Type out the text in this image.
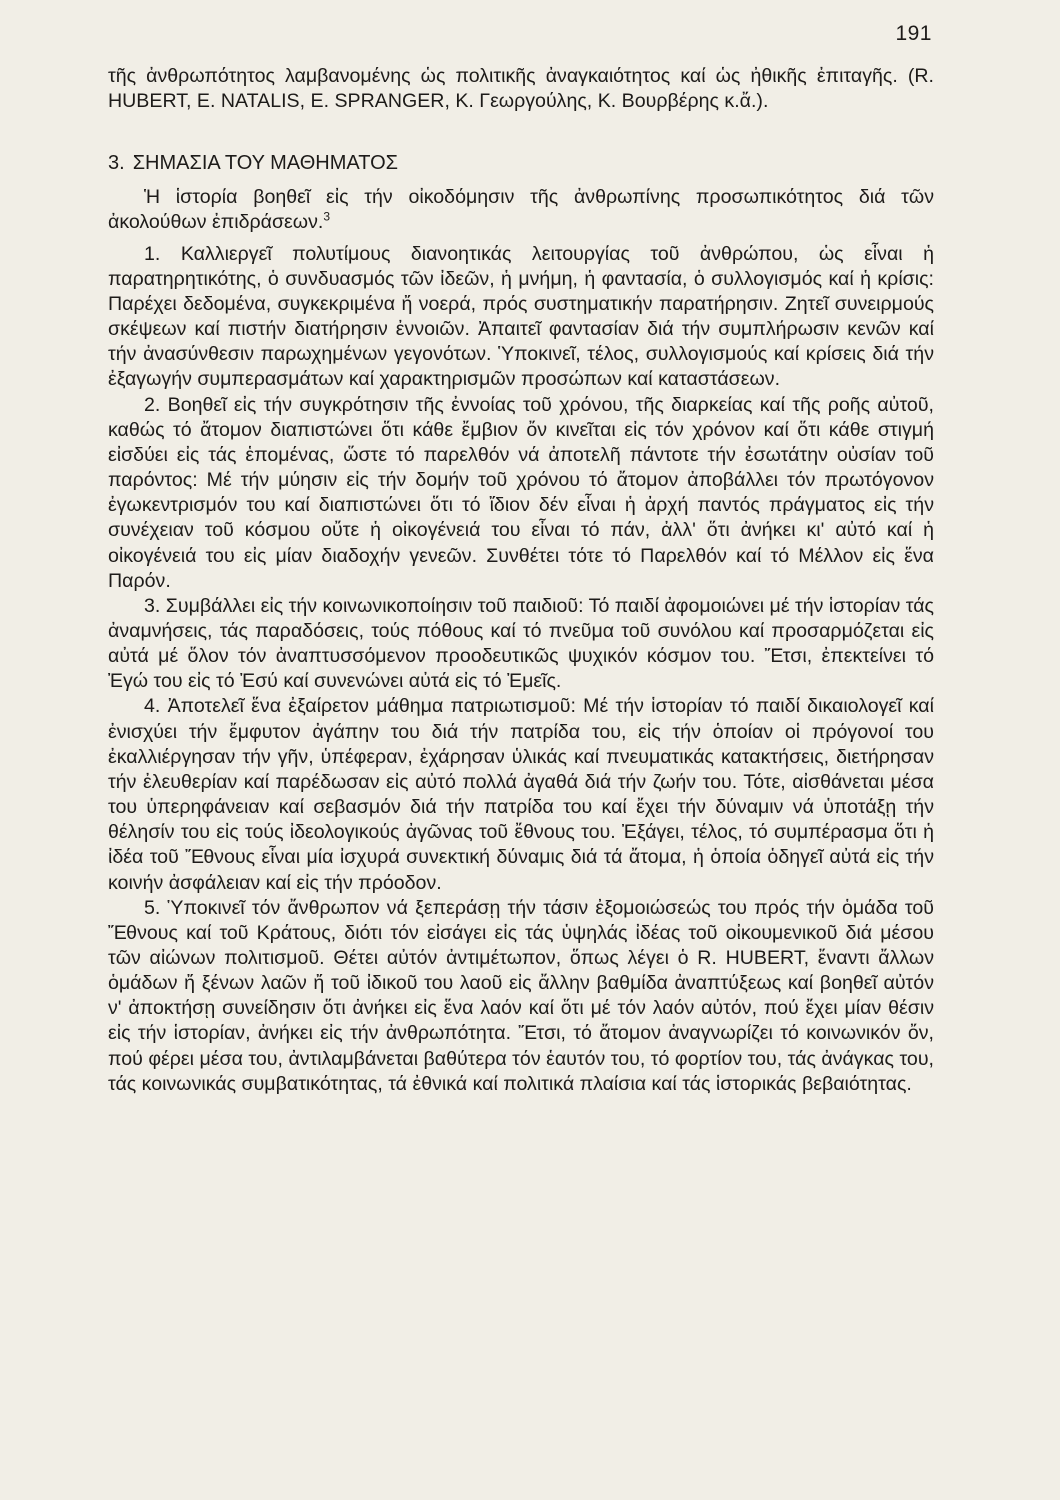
191

τῆς ἀνθρωπότητος λαμβανομένης ὡς πολιτικῆς ἀναγκαιότητος καί ὡς ἠθικῆς ἐπιταγῆς. (R. HUBERT, E. NATALIS, E. SPRANGER, K. Γεωργούλης, K. Βουρβέρης κ.ἄ.).

3. ΣΗΜΑΣΙΑ ΤΟΥ ΜΑΘΗΜΑΤΟΣ

Ἡ ἱστορία βοηθεῖ εἰς τήν οἰκοδόμησιν τῆς ἀνθρωπίνης προσωπικότητος διά τῶν ἀκολούθων ἐπιδράσεων.$^3$

1. Καλλιεργεῖ πολυτίμους διανοητικάς λειτουργίας τοῦ ἀνθρώπου, ὡς εἶναι ἡ παρατηρητικότης, ὁ συνδυασμός τῶν ἰδεῶν, ἡ μνήμη, ἡ φαντασία, ὁ συλλογισμός καί ἡ κρίσις: Παρέχει δεδομένα, συγκεκριμένα ἤ νοερά, πρός συστηματικήν παρατήρησιν. Ζητεῖ συνειρμούς σκέψεων καί πιστήν διατήρησιν ἐννοιῶν. Ἀπαιτεῖ φαντασίαν διά τήν συμπλήρωσιν κενῶν καί τήν ἀνασύνθεσιν παρωχημένων γεγονότων. Ὑποκινεῖ, τέλος, συλλογισμούς καί κρίσεις διά τήν ἐξαγωγήν συμπερασμάτων καί χαρακτηρισμῶν προσώπων καί καταστάσεων.

2. Βοηθεῖ εἰς τήν συγκρότησιν τῆς ἐννοίας τοῦ χρόνου, τῆς διαρκείας καί τῆς ροῆς αὐτοῦ, καθώς τό ἄτομον διαπιστώνει ὅτι κάθε ἔμβιον ὄν κινεῖται εἰς τόν χρόνον καί ὅτι κάθε στιγμή εἰσδύει εἰς τάς ἑπομένας, ὥστε τό παρελθόν νά ἀποτελῆ πάντοτε τήν ἐσωτάτην οὐσίαν τοῦ παρόντος: Μέ τήν μύησιν εἰς τήν δομήν τοῦ χρόνου τό ἄτομον ἀποβάλλει τόν πρωτόγονον ἐγωκεντρισμόν του καί διαπιστώνει ὅτι τό ἴδιον δέν εἶναι ἡ ἀρχή παντός πράγματος εἰς τήν συνέχειαν τοῦ κόσμου οὔτε ἡ οἰκογένειά του εἶναι τό πάν, ἀλλ' ὅτι ἀνήκει κι' αὐτό καί ἡ οἰκογένειά του εἰς μίαν διαδοχήν γενεῶν. Συνθέτει τότε τό Παρελθόν καί τό Μέλλον εἰς ἕνα Παρόν.

3. Συμβάλλει εἰς τήν κοινωνικοποίησιν τοῦ παιδιοῦ: Τό παιδί ἀφομοιώνει μέ τήν ἱστορίαν τάς ἀναμνήσεις, τάς παραδόσεις, τούς πόθους καί τό πνεῦμα τοῦ συνόλου καί προσαρμόζεται εἰς αὐτά μέ ὅλον τόν ἀναπτυσσόμενον προοδευτικῶς ψυχικόν κόσμον του. Ἔτσι, ἐπεκτείνει τό Ἐγώ του εἰς τό Ἐσύ καί συνενώνει αὐτά εἰς τό Ἐμεῖς.

4. Ἀποτελεῖ ἕνα ἐξαίρετον μάθημα πατριωτισμοῦ: Μέ τήν ἱστορίαν τό παιδί δικαιολογεῖ καί ἐνισχύει τήν ἔμφυτον ἀγάπην του διά τήν πατρίδα του, εἰς τήν ὁποίαν οἱ πρόγονοί του ἐκαλλιέργησαν τήν γῆν, ὑπέφεραν, ἐχάρησαν ὑλικάς καί πνευματικάς κατακτήσεις, διετήρησαν τήν ἐλευθερίαν καί παρέδωσαν εἰς αὐτό πολλά ἀγαθά διά τήν ζωήν του. Τότε, αἰσθάνεται μέσα του ὑπερηφάνειαν καί σεβασμόν διά τήν πατρίδα του καί ἔχει τήν δύναμιν νά ὑποτάξῃ τήν θέλησίν του εἰς τούς ἰδεολογικούς ἀγῶνας τοῦ ἔθνους του. Ἐξάγει, τέλος, τό συμπέρασμα ὅτι ἡ ἰδέα τοῦ Ἔθνους εἶναι μία ἰσχυρά συνεκτική δύναμις διά τά ἄτομα, ἡ ὁποία ὁδηγεῖ αὐτά εἰς τήν κοινήν ἀσφάλειαν καί εἰς τήν πρόοδον.

5. Ὑποκινεῖ τόν ἄνθρωπον νά ξεπεράσῃ τήν τάσιν ἐξομοιώσεώς του πρός τήν ὁμάδα τοῦ Ἔθνους καί τοῦ Κράτους, διότι τόν εἰσάγει εἰς τάς ὑψηλάς ἰδέας τοῦ οἰκουμενικοῦ διά μέσου τῶν αἰώνων πολιτισμοῦ. Θέτει αὐτόν ἀντιμέτωπον, ὅπως λέγει ὁ R. HUBERT, ἔναντι ἄλλων ὁμάδων ἤ ξένων λαῶν ἤ τοῦ ἰδικοῦ του λαοῦ εἰς ἄλλην βαθμίδα ἀναπτύξεως καί βοηθεῖ αὐτόν ν' ἀποκτήσῃ συνείδησιν ὅτι ἀνήκει εἰς ἕνα λαόν καί ὅτι μέ τόν λαόν αὐτόν, πού ἔχει μίαν θέσιν εἰς τήν ἱστορίαν, ἀνήκει εἰς τήν ἀνθρωπότητα. Ἔτσι, τό ἄτομον ἀναγνωρίζει τό κοινωνικόν ὄν, πού φέρει μέσα του, ἀντιλαμβάνεται βαθύτερα τόν ἑαυτόν του, τό φορτίον του, τάς ἀνάγκας του, τάς κοινωνικάς συμβατικότητας, τά ἐθνικά καί πολιτικά πλαίσια καί τάς ἱστορικάς βεβαιότητας.
